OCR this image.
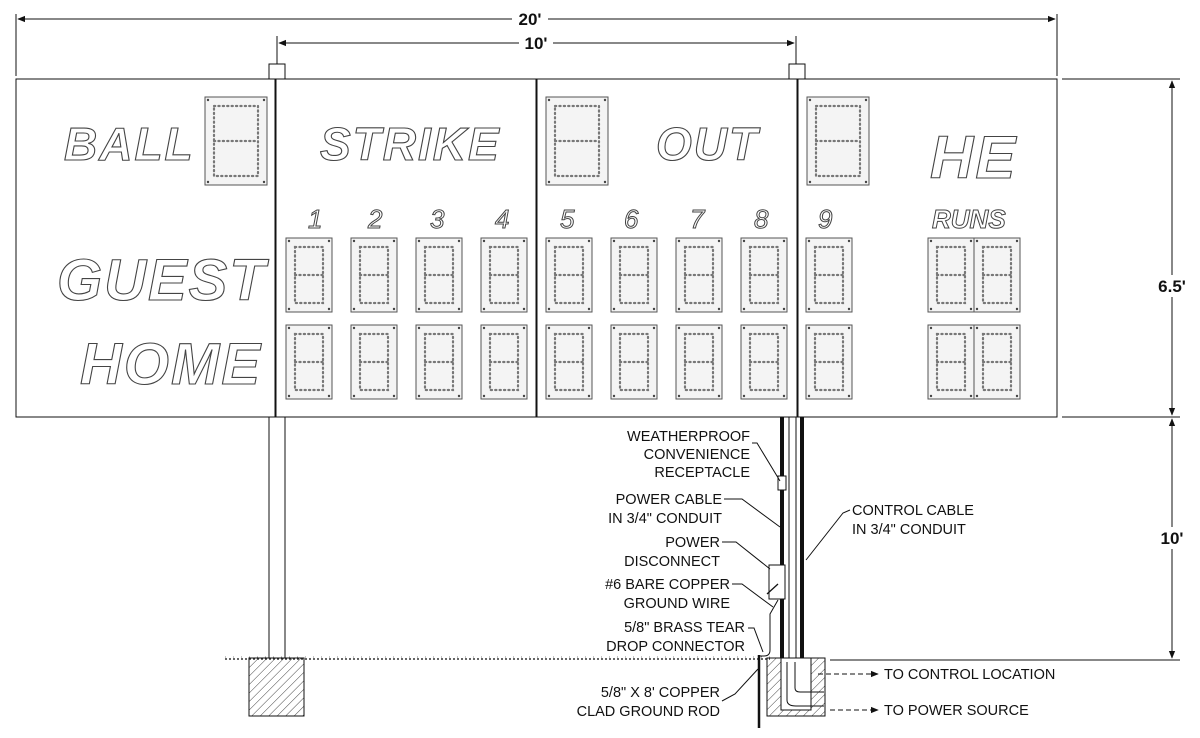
20'
10'
6.5'
10'
BALL	STRIKE	OUT
GUEST
HOME
HE
RUNS
1 2 3 4 5 6 7 8 9
WEATHERPROOF
CONVENIENCE
RECEPTACLE
POWER CABLE
IN 3/4" CONDUIT
POWER
DISCONNECT
#6 BARE COPPER
GROUND WIRE
5/8" BRASS TEAR
DROP CONNECTOR
5/8" X 8' COPPER
CLAD GROUND ROD
CONTROL CABLE
IN 3/4" CONDUIT
TO CONTROL LOCATION
TO POWER SOURCE
